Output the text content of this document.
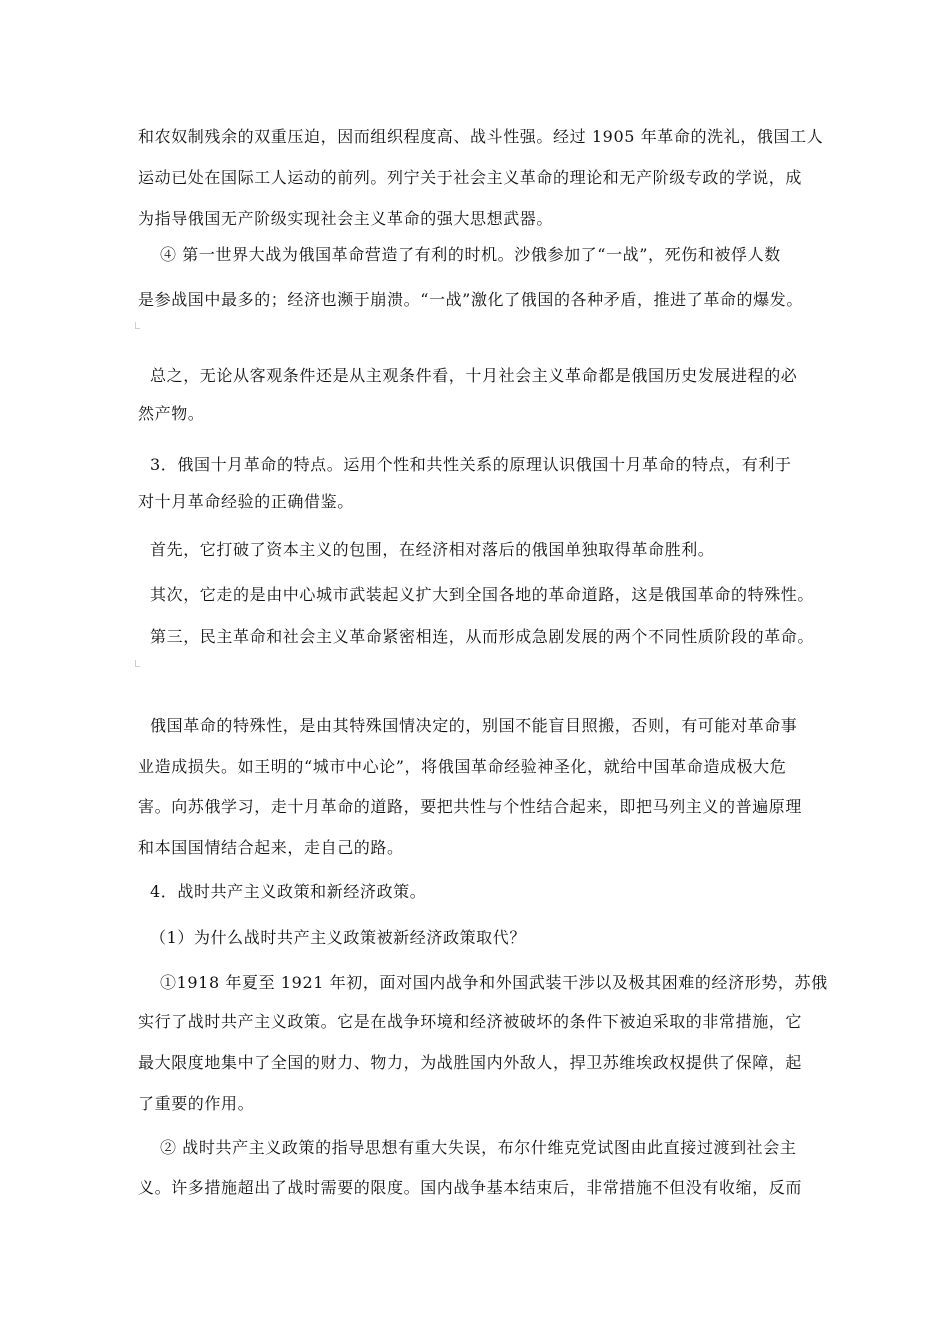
和农奴制残余的双重压迫，因而组织程度高、战斗性强。经过 1905 年革命的洗礼，俄国工人
运动已处在国际工人运动的前列。列宁关于社会主义革命的理论和无产阶级专政的学说，成
为指导俄国无产阶级实现社会主义革命的强大思想武器。
④ 第一世界大战为俄国革命营造了有利的时机。沙俄参加了“一战”，死伤和被俘人数
是参战国中最多的；经济也濒于崩溃。“一战”激化了俄国的各种矛盾，推进了革命的爆发。
总之，无论从客观条件还是从主观条件看，十月社会主义革命都是俄国历史发展进程的必
然产物。
3．俄国十月革命的特点。运用个性和共性关系的原理认识俄国十月革命的特点，有利于
对十月革命经验的正确借鉴。
首先，它打破了资本主义的包围，在经济相对落后的俄国单独取得革命胜利。
其次，它走的是由中心城市武装起义扩大到全国各地的革命道路，这是俄国革命的特殊性。
第三，民主革命和社会主义革命紧密相连，从而形成急剧发展的两个不同性质阶段的革命。
俄国革命的特殊性，是由其特殊国情决定的，别国不能盲目照搬，否则，有可能对革命事
业造成损失。如王明的“城市中心论”，将俄国革命经验神圣化，就给中国革命造成极大危
害。向苏俄学习，走十月革命的道路，要把共性与个性结合起来，即把马列主义的普遍原理
和本国国情结合起来，走自己的路。
4．战时共产主义政策和新经济政策。
（1）为什么战时共产主义政策被新经济政策取代？
①1918 年夏至 1921 年初，面对国内战争和外国武装干涉以及极其困难的经济形势，苏俄
实行了战时共产主义政策。它是在战争环境和经济被破坏的条件下被迫采取的非常措施，它
最大限度地集中了全国的财力、物力，为战胜国内外敌人，捍卫苏维埃政权提供了保障，起
了重要的作用。
② 战时共产主义政策的指导思想有重大失误，布尔什维克党试图由此直接过渡到社会主
义。许多措施超出了战时需要的限度。国内战争基本结束后，非常措施不但没有收缩，反而
